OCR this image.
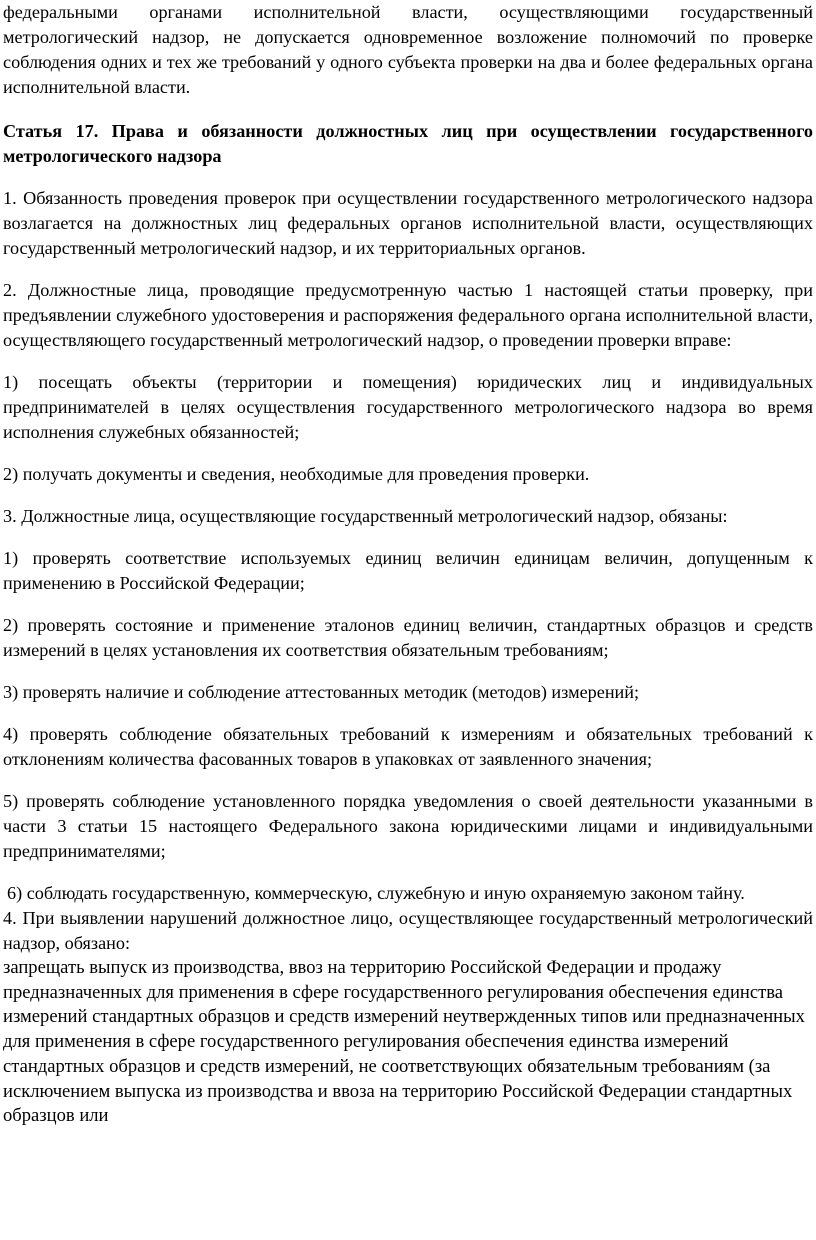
федеральными органами исполнительной власти, осуществляющими государственный метрологический надзор, не допускается одновременное возложение полномочий по проверке соблюдения одних и тех же требований у одного субъекта проверки на два и более федеральных органа исполнительной власти.

Статья 17. Права и обязанности должностных лиц при осуществлении государственного метрологического надзора

1. Обязанность проведения проверок при осуществлении государственного метрологического надзора возлагается на должностных лиц федеральных органов исполнительной власти, осуществляющих государственный метрологический надзор, и их территориальных органов.

2. Должностные лица, проводящие предусмотренную частью 1 настоящей статьи проверку, при предъявлении служебного удостоверения и распоряжения федерального органа исполнительной власти, осуществляющего государственный метрологический надзор, о проведении проверки вправе:

1) посещать объекты (территории и помещения) юридических лиц и индивидуальных предпринимателей в целях осуществления государственного метрологического надзора во время исполнения служебных обязанностей;

2) получать документы и сведения, необходимые для проведения проверки.

3. Должностные лица, осуществляющие государственный метрологический надзор, обязаны:

1) проверять соответствие используемых единиц величин единицам величин, допущенным к применению в Российской Федерации;

2) проверять состояние и применение эталонов единиц величин, стандартных образцов и средств измерений в целях установления их соответствия обязательным требованиям;

3) проверять наличие и соблюдение аттестованных методик (методов) измерений;

4) проверять соблюдение обязательных требований к измерениям и обязательных требований к отклонениям количества фасованных товаров в упаковках от заявленного значения;

5) проверять соблюдение установленного порядка уведомления о своей деятельности указанными в части 3 статьи 15 настоящего Федерального закона юридическими лицами и индивидуальными предпринимателями;

6) соблюдать государственную, коммерческую, служебную и иную охраняемую законом тайну.

4. При выявлении нарушений должностное лицо, осуществляющее государственный метрологический надзор, обязано:

запрещать выпуск из производства, ввоз на территорию Российской Федерации и продажу предназначенных для применения в сфере государственного регулирования обеспечения единства измерений стандартных образцов и средств измерений неутвержденных типов или предназначенных для применения в сфере государственного регулирования обеспечения единства измерений стандартных образцов и средств измерений, не соответствующих обязательным требованиям (за исключением выпуска из производства и ввоза на территорию Российской Федерации стандартных образцов или
